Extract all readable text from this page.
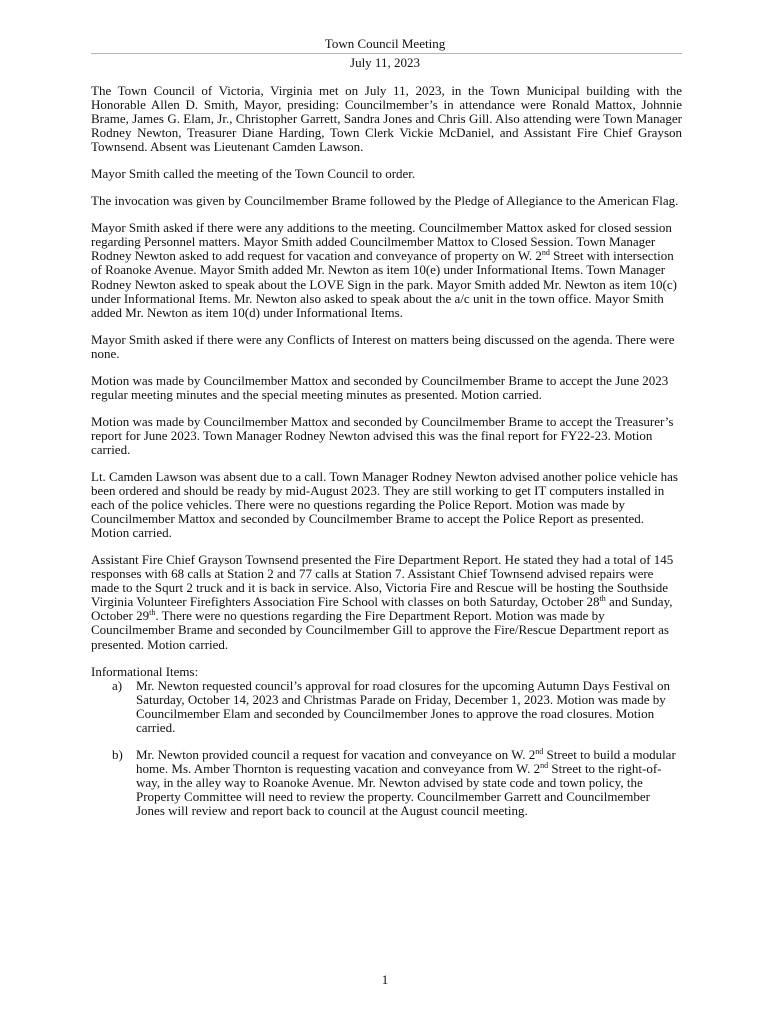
Town Council Meeting
July 11, 2023

The Town Council of Victoria, Virginia met on July 11, 2023, in the Town Municipal building with the Honorable Allen D. Smith, Mayor, presiding: Councilmember’s in attendance were Ronald Mattox, Johnnie Brame, James G. Elam, Jr., Christopher Garrett, Sandra Jones and Chris Gill. Also attending were Town Manager Rodney Newton, Treasurer Diane Harding, Town Clerk Vickie McDaniel, and Assistant Fire Chief Grayson Townsend. Absent was Lieutenant Camden Lawson.

Mayor Smith called the meeting of the Town Council to order.

The invocation was given by Councilmember Brame followed by the Pledge of Allegiance to the American Flag.

Mayor Smith asked if there were any additions to the meeting. Councilmember Mattox asked for closed session regarding Personnel matters. Mayor Smith added Councilmember Mattox to Closed Session. Town Manager Rodney Newton asked to add request for vacation and conveyance of property on W. 2nd Street with intersection of Roanoke Avenue. Mayor Smith added Mr. Newton as item 10(e) under Informational Items. Town Manager Rodney Newton asked to speak about the LOVE Sign in the park. Mayor Smith added Mr. Newton as item 10(c) under Informational Items. Mr. Newton also asked to speak about the a/c unit in the town office. Mayor Smith added Mr. Newton as item 10(d) under Informational Items.

Mayor Smith asked if there were any Conflicts of Interest on matters being discussed on the agenda. There were none.

Motion was made by Councilmember Mattox and seconded by Councilmember Brame to accept the June 2023 regular meeting minutes and the special meeting minutes as presented. Motion carried.

Motion was made by Councilmember Mattox and seconded by Councilmember Brame to accept the Treasurer’s report for June 2023. Town Manager Rodney Newton advised this was the final report for FY22-23. Motion carried.

Lt. Camden Lawson was absent due to a call. Town Manager Rodney Newton advised another police vehicle has been ordered and should be ready by mid-August 2023. They are still working to get IT computers installed in each of the police vehicles. There were no questions regarding the Police Report. Motion was made by Councilmember Mattox and seconded by Councilmember Brame to accept the Police Report as presented. Motion carried.

Assistant Fire Chief Grayson Townsend presented the Fire Department Report. He stated they had a total of 145 responses with 68 calls at Station 2 and 77 calls at Station 7. Assistant Chief Townsend advised repairs were made to the Squrt 2 truck and it is back in service. Also, Victoria Fire and Rescue will be hosting the Southside Virginia Volunteer Firefighters Association Fire School with classes on both Saturday, October 28th and Sunday, October 29th. There were no questions regarding the Fire Department Report. Motion was made by Councilmember Brame and seconded by Councilmember Gill to approve the Fire/Rescue Department report as presented. Motion carried.

Informational Items:
a) Mr. Newton requested council’s approval for road closures for the upcoming Autumn Days Festival on Saturday, October 14, 2023 and Christmas Parade on Friday, December 1, 2023. Motion was made by Councilmember Elam and seconded by Councilmember Jones to approve the road closures. Motion carried.
b) Mr. Newton provided council a request for vacation and conveyance on W. 2nd Street to build a modular home. Ms. Amber Thornton is requesting vacation and conveyance from W. 2nd Street to the right-of-way, in the alley way to Roanoke Avenue. Mr. Newton advised by state code and town policy, the Property Committee will need to review the property. Councilmember Garrett and Councilmember Jones will review and report back to council at the August council meeting.
1
